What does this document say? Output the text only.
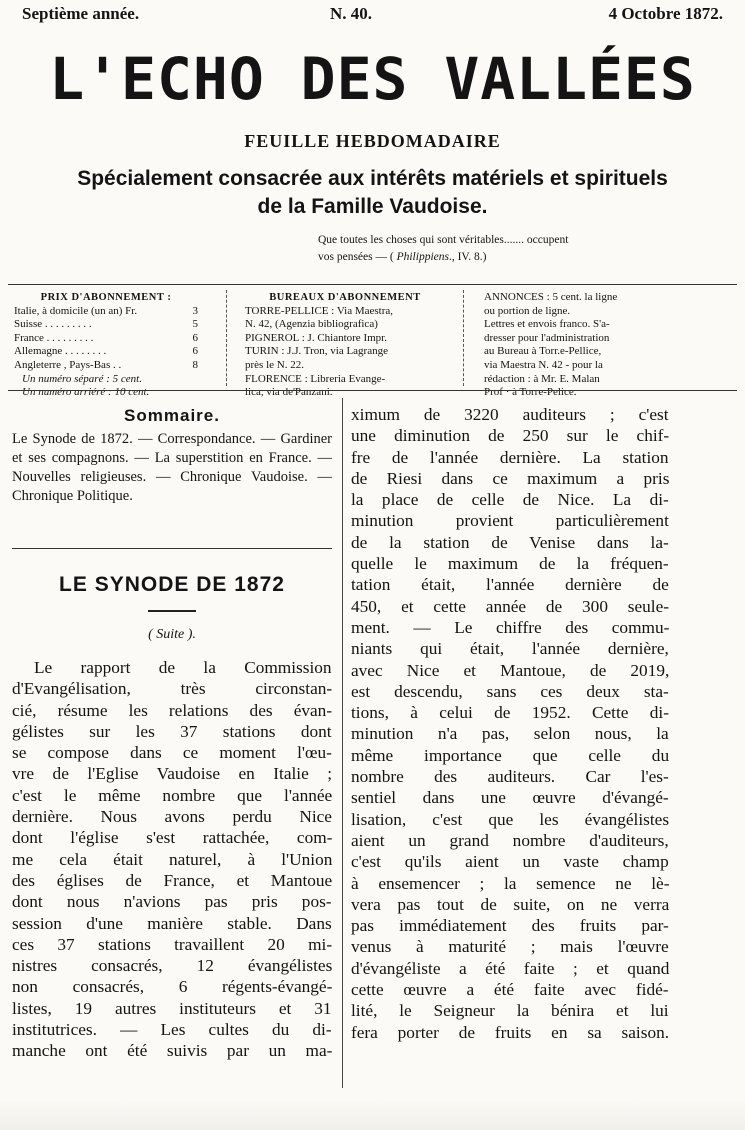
Septième année.	N. 40.	4 Octobre 1872.
L'ECHO DES VALLÉES
FEUILLE HEBDOMADAIRE
Spécialement consacrée aux intérêts matériels et spirituels
de la Famille Vaudoise.
Que toutes les choses qui sont véritables....... occupent
vos pensées — ( Philippiens., IV. 8.)
PRIX D'ABONNEMENT :
Italie, à domicile (un an) Fr.	3
Suisse . . . . . . . . .	5
France . . . . . . . . .	6
Allemagne . . . . . . . .	6
Angleterre , Pays-Bas . .	8
Un numéro séparé : 5 cent.
Un numéro arriéré : 10 cent.
BUREAUX D'ABONNEMENT
TORRE-PELLICE : Via Maestra,
N. 42, (Agenzia bibliografica)
PIGNEROL : J. Chiantore Impr.
TURIN : J.J. Tron, via Lagrange
près le N. 22.
FLORENCE : Libreria Evange-
lica, via de'Panzani.
ANNONCES : 5 cent. la ligne
ou portion de ligne.
Lettres et envois franco. S'a-
dresser pour l'administration
au Bureau à Torr.e-Pellice,
via Maestra N. 42 - pour la
rédaction : à Mr. E. Malan
Prof · à Torre-Pelice.
Sommaire.
Le Synode de 1872. — Correspondance. — Gardiner et ses compagnons. — La superstition en France. — Nouvelles religieuses. — Chronique Vaudoise. — Chronique Politique.
LE SYNODE DE 1872
( Suite ).
Le rapport de la Commission
d'Evangélisation, très circonstan-
cié, résume les relations des évan-
gélistes sur les 37 stations dont
se compose dans ce moment l'œu-
vre de l'Eglise Vaudoise en Italie ;
c'est le même nombre que l'année
dernière. Nous avons perdu Nice
dont l'église s'est rattachée, com-
me cela était naturel, à l'Union
des églises de France, et Mantoue
dont nous n'avions pas pris pos-
session d'une manière stable. Dans
ces 37 stations travaillent 20 mi-
nistres consacrés, 12 évangélistes
non consacrés, 6 régents-évangé-
listes, 19 autres instituteurs et 31
institutrices. — Les cultes du di-
manche ont été suivis par un ma-
ximum de 3220 auditeurs ; c'est
une diminution de 250 sur le chif-
fre de l'année dernière. La station
de Riesi dans ce maximum a pris
la place de celle de Nice. La di-
minution provient particulièrement
de la station de Venise dans la-
quelle le maximum de la fréquen-
tation était, l'année dernière de
450, et cette année de 300 seule-
ment. — Le chiffre des commu-
niants qui était, l'année dernière,
avec Nice et Mantoue, de 2019,
est descendu, sans ces deux sta-
tions, à celui de 1952. Cette di-
minution n'a pas, selon nous, la
même importance que celle du
nombre des auditeurs. Car l'es-
sentiel dans une œuvre d'évangé-
lisation, c'est que les évangélistes
aient un grand nombre d'auditeurs,
c'est qu'ils aient un vaste champ
à ensemencer ; la semence ne lè-
vera pas tout de suite, on ne verra
pas immédiatement des fruits par-
venus à maturité ; mais l'œuvre
d'évangéliste a été faite ; et quand
cette œuvre a été faite avec fidé-
lité, le Seigneur la bénira et lui
fera porter de fruits en sa saison.
